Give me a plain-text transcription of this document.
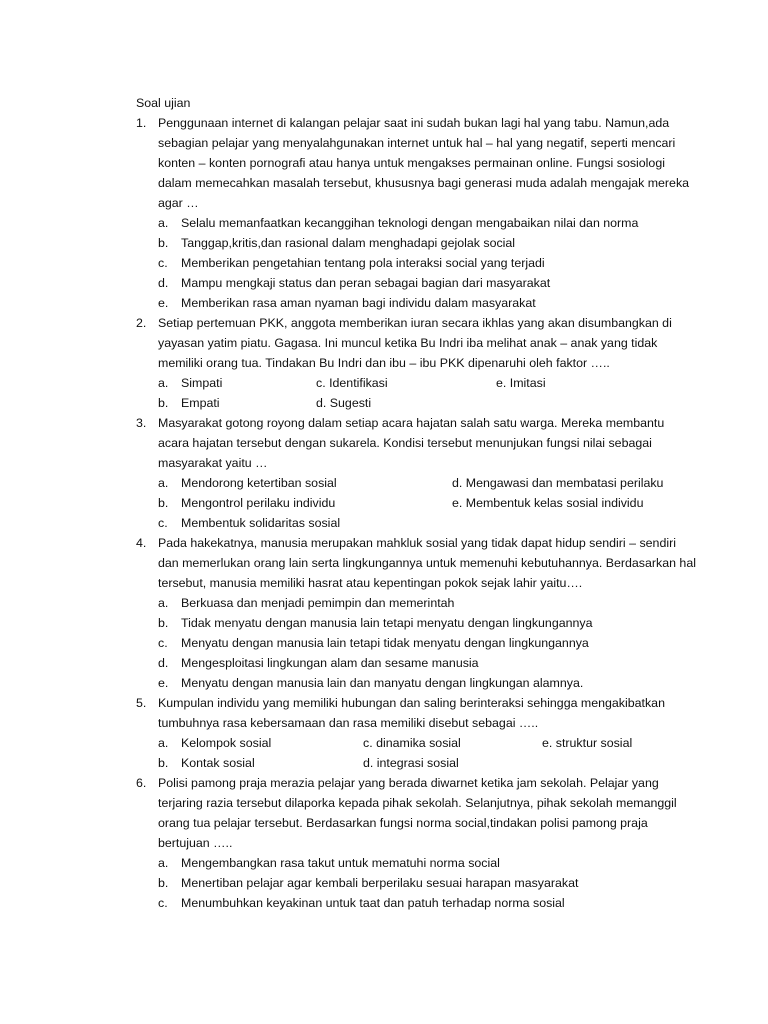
Soal ujian
1. Penggunaan internet di kalangan pelajar saat ini sudah bukan lagi hal yang tabu. Namun,ada sebagian pelajar yang menyalahgunakan internet untuk hal – hal yang negatif, seperti mencari konten – konten pornografi atau hanya untuk mengakses permainan online. Fungsi sosiologi dalam memecahkan masalah tersebut, khususnya bagi generasi muda adalah mengajak mereka agar …

a. Selalu memanfaatkan kecanggihan teknologi dengan mengabaikan nilai dan norma
b. Tanggap,kritis,dan rasional dalam menghadapi gejolak social
c. Memberikan pengetahian tentang pola interaksi social yang terjadi
d. Mampu mengkaji status dan peran sebagai bagian dari masyarakat
e. Memberikan rasa aman nyaman bagi individu dalam masyarakat
2. Setiap pertemuan PKK, anggota memberikan iuran secara ikhlas yang akan disumbangkan di yayasan yatim piatu. Gagasa. Ini muncul ketika Bu Indri iba melihat anak – anak yang tidak memiliki orang tua. Tindakan Bu Indri dan ibu – ibu PKK dipenaruhi oleh faktor …..

a. Simpati	c. Identifikasi	e. Imitasi
b. Empati	d. Sugesti
3. Masyarakat gotong royong dalam setiap acara hajatan salah satu warga. Mereka membantu acara hajatan tersebut dengan sukarela. Kondisi tersebut menunjukan fungsi nilai sebagai masyarakat yaitu …

a. Mendorong ketertiban sosial	d. Mengawasi dan membatasi perilaku
b. Mengontrol perilaku individu	e. Membentuk kelas sosial individu
c. Membentuk solidaritas sosial
4. Pada hakekatnya, manusia merupakan mahkluk sosial yang tidak dapat hidup sendiri – sendiri dan memerlukan orang lain serta lingkungannya untuk memenuhi kebutuhannya. Berdasarkan hal tersebut, manusia memiliki hasrat atau kepentingan pokok sejak lahir yaitu….

a. Berkuasa dan menjadi pemimpin dan memerintah
b. Tidak menyatu dengan manusia lain tetapi menyatu dengan lingkungannya
c. Menyatu dengan manusia lain tetapi tidak menyatu dengan lingkungannya
d. Mengesploitasi lingkungan alam dan sesame manusia
e. Menyatu dengan manusia lain dan manyatu dengan lingkungan alamnya.
5. Kumpulan individu yang memiliki hubungan dan saling berinteraksi sehingga mengakibatkan tumbuhnya rasa kebersamaan dan rasa memiliki disebut sebagai …..

a. Kelompok sosial	c. dinamika sosial	e. struktur sosial
b. Kontak sosial	d. integrasi sosial
6. Polisi pamong praja merazia pelajar yang berada diwarnet ketika jam sekolah. Pelajar yang terjaring razia tersebut dilaporka kepada pihak sekolah. Selanjutnya, pihak sekolah memanggil orang tua pelajar tersebut. Berdasarkan fungsi norma social,tindakan polisi pamong praja bertujuan …..

a. Mengembangkan rasa takut untuk mematuhi norma social
b. Menertiban pelajar agar kembali berperilaku sesuai harapan masyarakat
c. Menumbuhkan keyakinan untuk taat dan patuh terhadap norma sosial
